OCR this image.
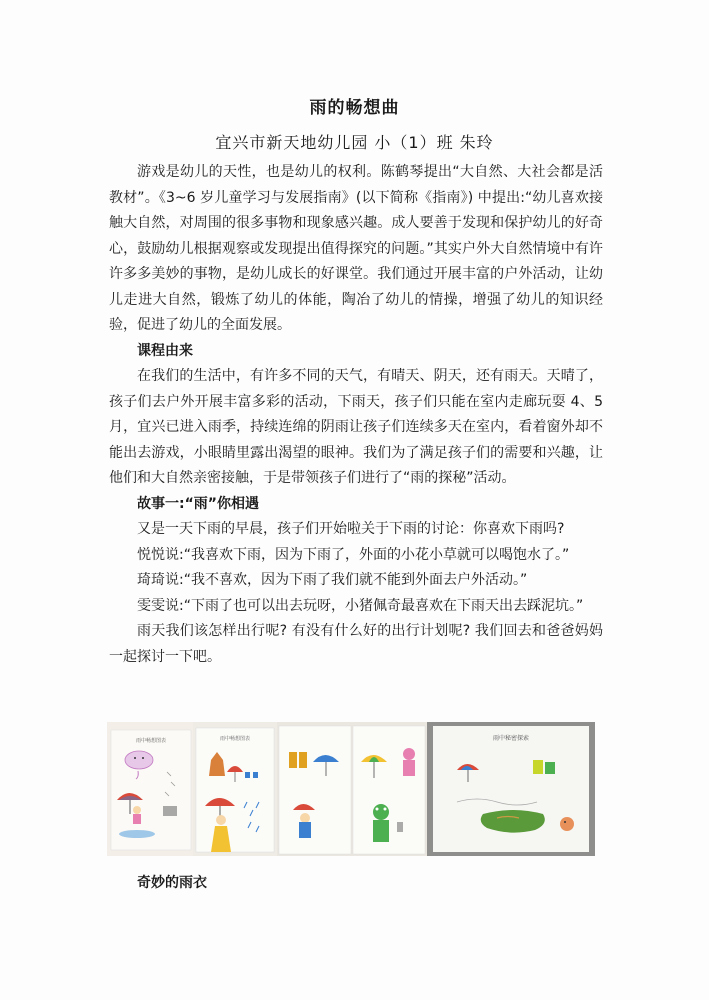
雨的畅想曲
宜兴市新天地幼儿园 小（1）班 朱玲

游戏是幼儿的天性，也是幼儿的权利。陈鹤琴提出“大自然、大社会都是活教材”。《3~6 岁儿童学习与发展指南》(以下简称《指南》) 中提出:“幼儿喜欢接触大自然，对周围的很多事物和现象感兴趣。成人要善于发现和保护幼儿的好奇心，鼓励幼儿根据观察或发现提出值得探究的问题。”其实户外大自然情境中有许许多多美妙的事物，是幼儿成长的好课堂。我们通过开展丰富的户外活动，让幼儿走进大自然，锻炼了幼儿的体能，陶冶了幼儿的情操，增强了幼儿的知识经验，促进了幼儿的全面发展。

课程由来

在我们的生活中，有许多不同的天气，有晴天、阴天，还有雨天。天晴了，孩子们去户外开展丰富多彩的活动，下雨天，孩子们只能在室内走廊玩耍 4、5 月，宜兴已进入雨季，持续连绵的阴雨让孩子们连续多天在室内，看着窗外却不能出去游戏，小眼睛里露出渴望的眼神。我们为了满足孩子们的需要和兴趣，让他们和大自然亲密接触，于是带领孩子们进行了“雨的探秘”活动。

故事一:“雨”你相遇

又是一天下雨的早晨，孩子们开始啦关于下雨的讨论：你喜欢下雨吗?

悦悦说:“我喜欢下雨，因为下雨了，外面的小花小草就可以喝饱水了。”

琦琦说:“我不喜欢，因为下雨了我们就不能到外面去户外活动。”

雯雯说:“下雨了也可以出去玩呀，小猪佩奇最喜欢在下雨天出去踩泥坑。”

雨天我们该怎样出行呢? 有没有什么好的出行计划呢? 我们回去和爸爸妈妈一起探讨一下吧。

雨中畅想图表	雨中畅想图表	雨中秘密探索
奇妙的雨衣
